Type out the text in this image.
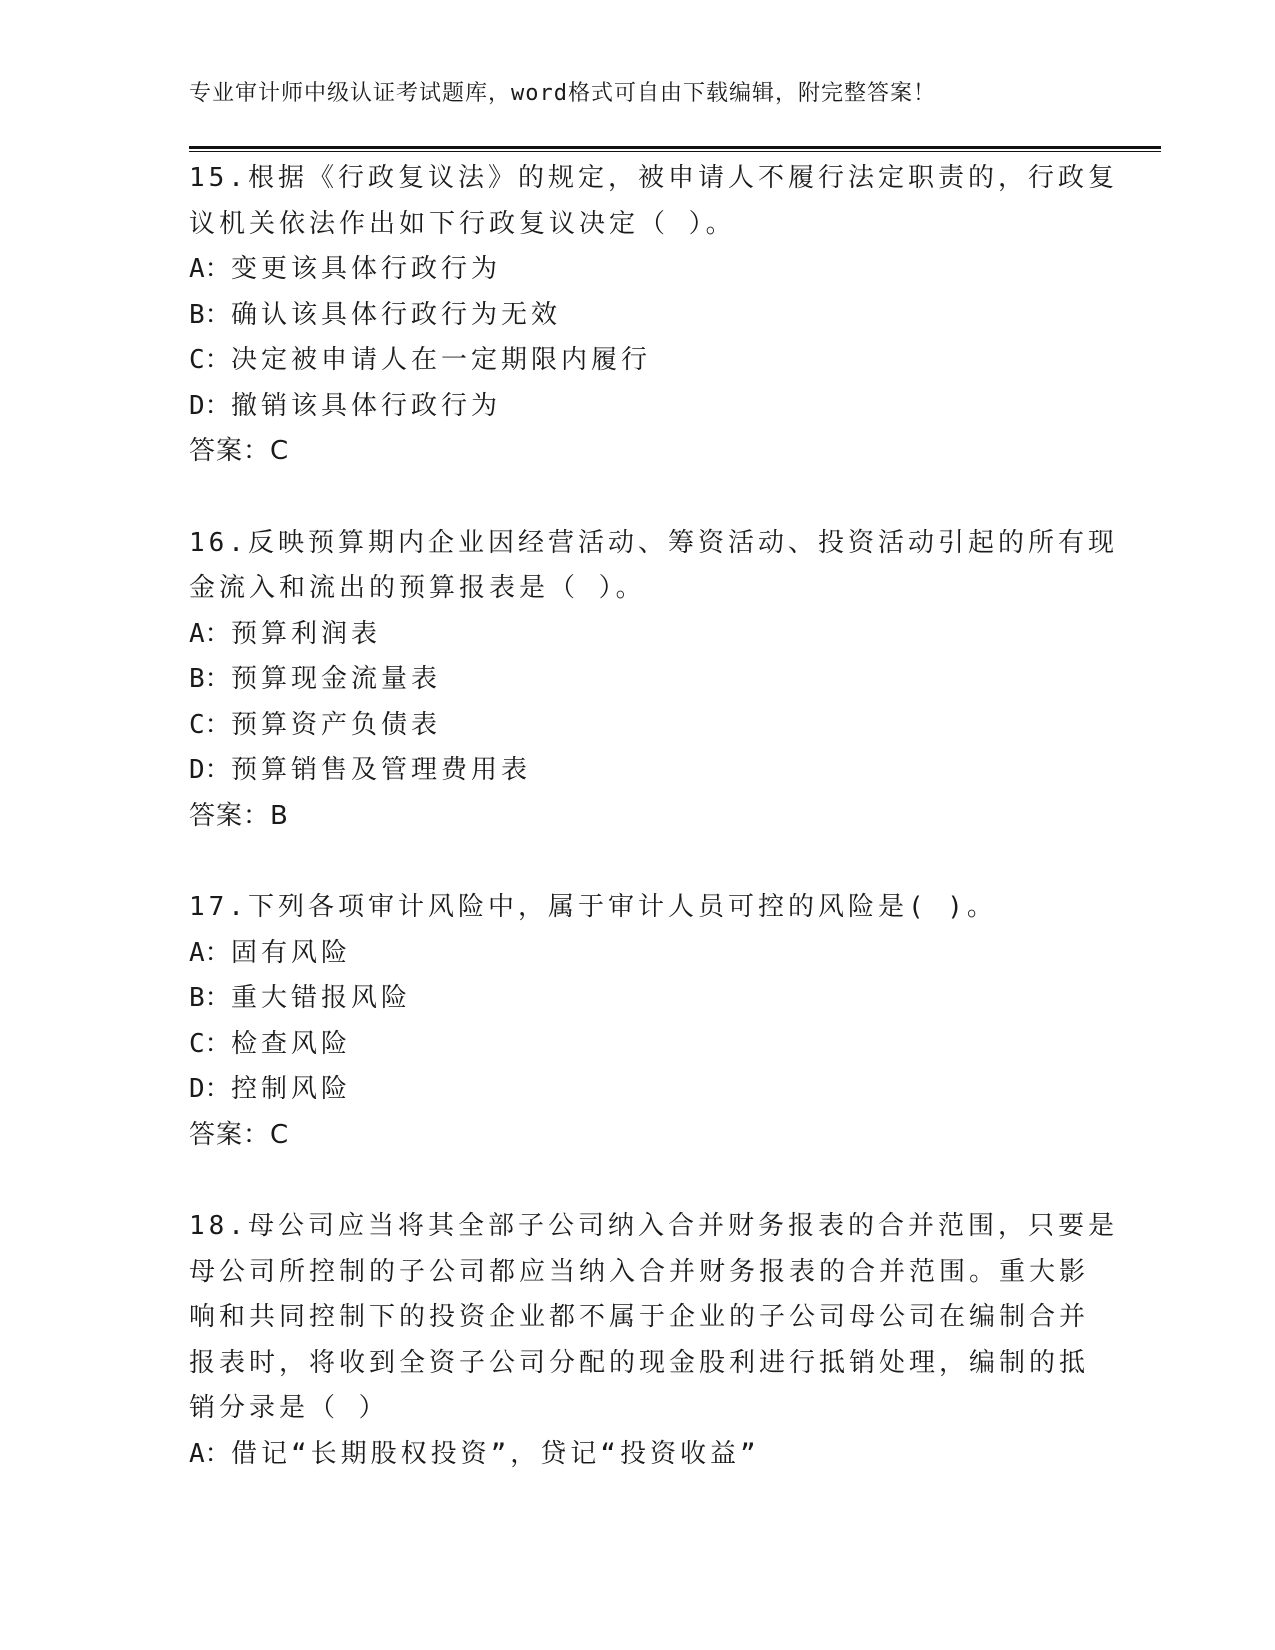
专业审计师中级认证考试题库，word格式可自由下载编辑，附完整答案！
15.根据《行政复议法》的规定，被申请人不履行法定职责的，行政复
议机关依法作出如下行政复议决定（ ）。
A：变更该具体行政行为
B：确认该具体行政行为无效
C：决定被申请人在一定期限内履行
D：撤销该具体行政行为
答案：C
16.反映预算期内企业因经营活动、筹资活动、投资活动引起的所有现
金流入和流出的预算报表是（ ）。
A：预算利润表
B：预算现金流量表
C：预算资产负债表
D：预算销售及管理费用表
答案：B
17.下列各项审计风险中，属于审计人员可控的风险是( )。
A：固有风险
B：重大错报风险
C：检查风险
D：控制风险
答案：C
18.母公司应当将其全部子公司纳入合并财务报表的合并范围，只要是
母公司所控制的子公司都应当纳入合并财务报表的合并范围。重大影
响和共同控制下的投资企业都不属于企业的子公司母公司在编制合并
报表时，将收到全资子公司分配的现金股利进行抵销处理，编制的抵
销分录是（ ）
A：借记“长期股权投资”，贷记“投资收益”
